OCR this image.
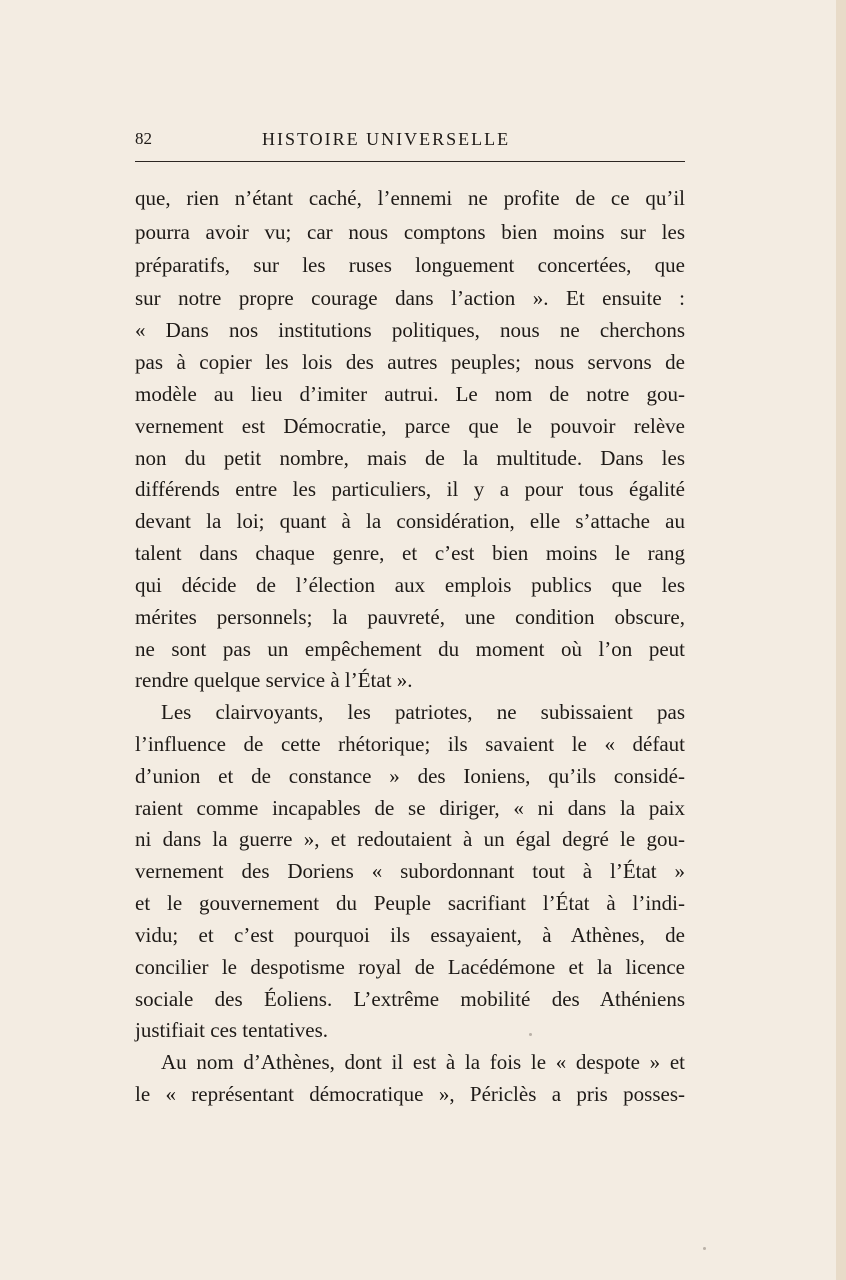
82	HISTOIRE UNIVERSELLE
que, rien n’étant caché, l’ennemi ne profite de ce qu’il
pourra avoir vu; car nous comptons bien moins sur les
préparatifs, sur les ruses longuement concertées, que
sur notre propre courage dans l’action ». Et ensuite :
« Dans nos institutions politiques, nous ne cherchons
pas à copier les lois des autres peuples; nous servons de
modèle au lieu d’imiter autrui. Le nom de notre gou-
vernement est Démocratie, parce que le pouvoir relève
non du petit nombre, mais de la multitude. Dans les
différends entre les particuliers, il y a pour tous égalité
devant la loi; quant à la considération, elle s’attache au
talent dans chaque genre, et c’est bien moins le rang
qui décide de l’élection aux emplois publics que les
mérites personnels; la pauvreté, une condition obscure,
ne sont pas un empêchement du moment où l’on peut
rendre quelque service à l’État ».
Les clairvoyants, les patriotes, ne subissaient pas
l’influence de cette rhétorique; ils savaient le « défaut
d’union et de constance » des Ioniens, qu’ils considé-
raient comme incapables de se diriger, « ni dans la paix
ni dans la guerre », et redoutaient à un égal degré le gou-
vernement des Doriens « subordonnant tout à l’État »
et le gouvernement du Peuple sacrifiant l’État à l’indi-
vidu; et c’est pourquoi ils essayaient, à Athènes, de
concilier le despotisme royal de Lacédémone et la licence
sociale des Éoliens. L’extrême mobilité des Athéniens
justifiait ces tentatives.
Au nom d’Athènes, dont il est à la fois le « despote » et
le « représentant démocratique », Périclès a pris posses-
